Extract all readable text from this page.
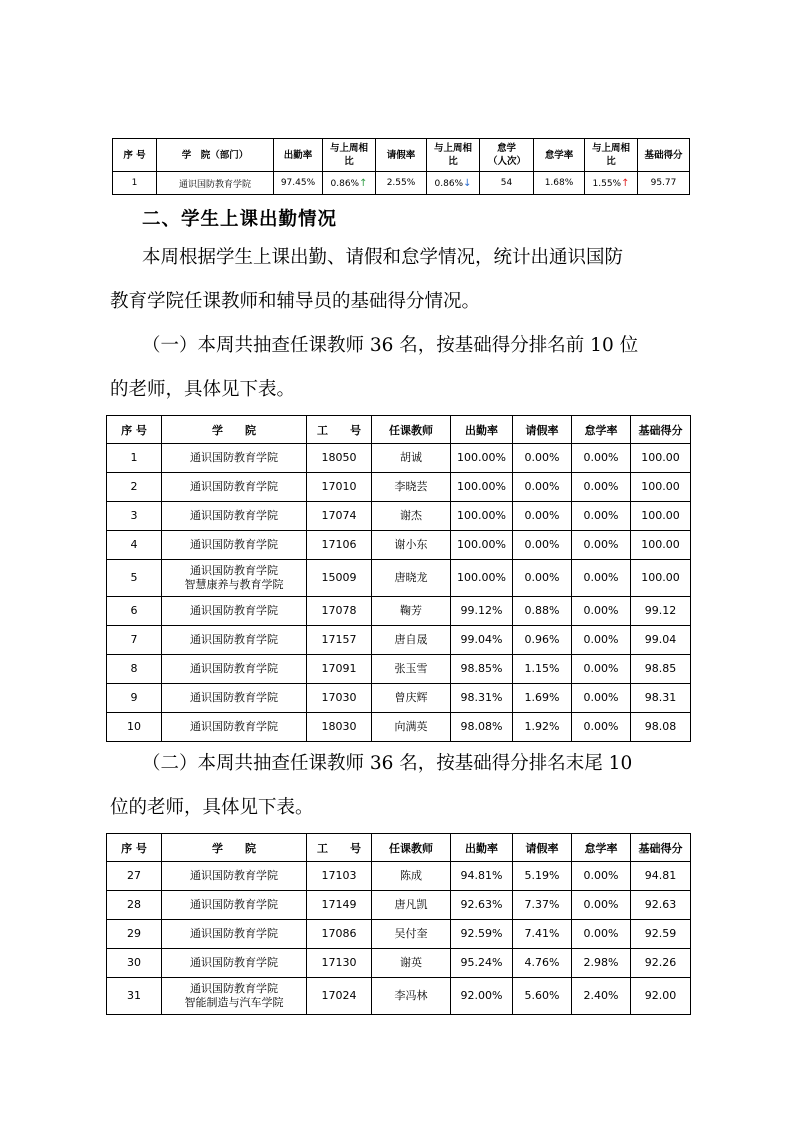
序 号	学　院（部门）	出勤率	与上周相比	请假率	与上周相比	怠学（人次）	怠学率	与上周相比	基础得分
1	通识国防教育学院	97.45%	0.86%↑	2.55%	0.86%↓	54	1.68%	1.55%↑	95.77
二、学生上课出勤情况
本周根据学生上课出勤、请假和怠学情况，统计出通识国防
教育学院任课教师和辅导员的基础得分情况。
（一）本周共抽查任课教师 36 名，按基础得分排名前 10 位
的老师，具体见下表。
序 号	学　　院	工　　号	任课教师	出勤率	请假率	怠学率	基础得分
1	通识国防教育学院	18050	胡诚	100.00%	0.00%	0.00%	100.00
2	通识国防教育学院	17010	李晓芸	100.00%	0.00%	0.00%	100.00
3	通识国防教育学院	17074	谢杰	100.00%	0.00%	0.00%	100.00
4	通识国防教育学院	17106	谢小东	100.00%	0.00%	0.00%	100.00
5	通识国防教育学院
智慧康养与教育学院	15009	唐晓龙	100.00%	0.00%	0.00%	100.00
6	通识国防教育学院	17078	鞠芳	99.12%	0.88%	0.00%	99.12
7	通识国防教育学院	17157	唐自晟	99.04%	0.96%	0.00%	99.04
8	通识国防教育学院	17091	张玉雪	98.85%	1.15%	0.00%	98.85
9	通识国防教育学院	17030	曾庆辉	98.31%	1.69%	0.00%	98.31
10	通识国防教育学院	18030	向满英	98.08%	1.92%	0.00%	98.08
（二）本周共抽查任课教师 36 名，按基础得分排名末尾 10
位的老师，具体见下表。
序 号	学　　院	工　　号	任课教师	出勤率	请假率	怠学率	基础得分
27	通识国防教育学院	17103	陈成	94.81%	5.19%	0.00%	94.81
28	通识国防教育学院	17149	唐凡凯	92.63%	7.37%	0.00%	92.63
29	通识国防教育学院	17086	吴付奎	92.59%	7.41%	0.00%	92.59
30	通识国防教育学院	17130	谢英	95.24%	4.76%	2.98%	92.26
31	通识国防教育学院
智能制造与汽车学院	17024	李冯林	92.00%	5.60%	2.40%	92.00
